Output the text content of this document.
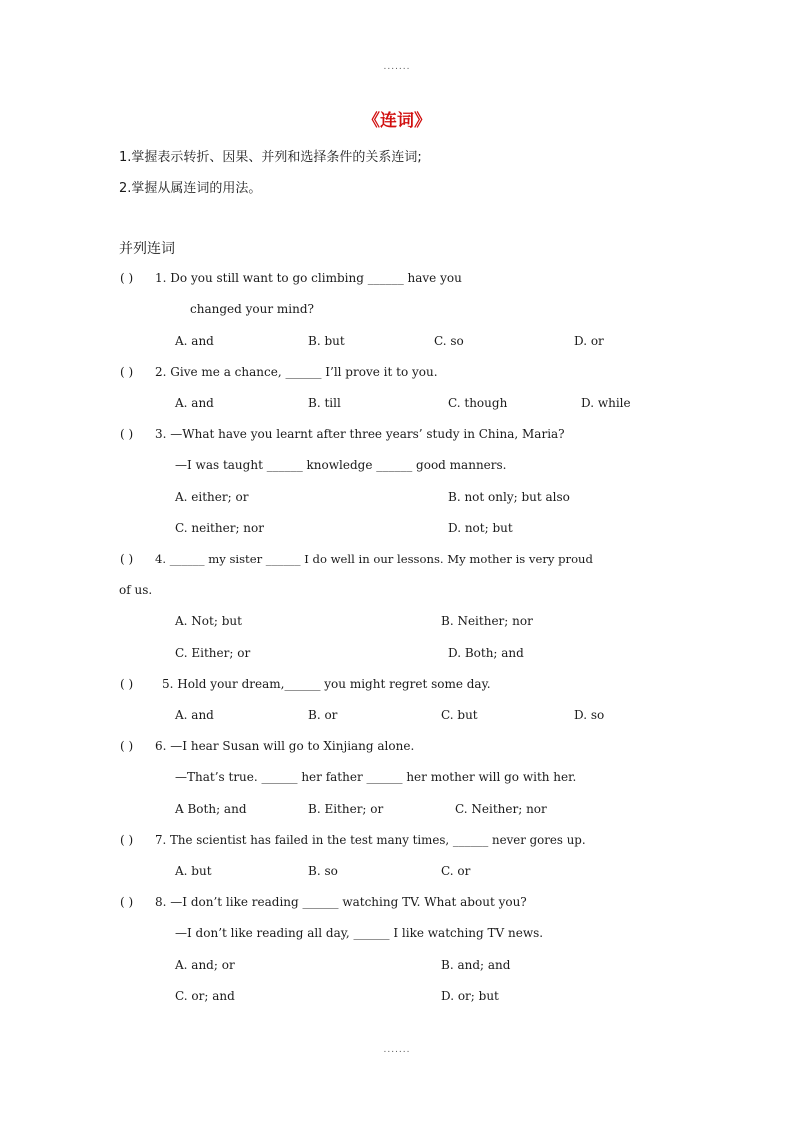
.......
《连词》
1.掌握表示转折、因果、并列和选择条件的关系连词;
2.掌握从属连词的用法。
并列连词
( ) 1. Do you still want to go climbing ______ have you
changed your mind?
A. and	B. but	C. so	D. or
( ) 2. Give me a chance, ______ I’ll prove it to you.
A. and	B. till	C. though	D. while
( ) 3. —What have you learnt after three years’ study in China, Maria?
—I was taught ______ knowledge ______ good manners.
A. either; or	B. not only; but also
C. neither; nor	D. not; but
( ) 4. ______ my sister ______ I do well in our lessons. My mother is very proud
of us.
A. Not; but	B. Neither; nor
C. Either; or	D. Both; and
( ) 5. Hold your dream,______ you might regret some day.
A. and	B. or	C. but	D. so
( ) 6. —I hear Susan will go to Xinjiang alone.
—That’s true. ______ her father ______ her mother will go with her.
A Both; and	B. Either; or	C. Neither; nor
( ) 7. The scientist has failed in the test many times, ______ never gores up.
A. but	B. so	C. or
( ) 8. —I don’t like reading ______ watching TV. What about you?
—I don’t like reading all day, ______ I like watching TV news.
A. and; or	B. and; and
C. or; and	D. or; but
.......
